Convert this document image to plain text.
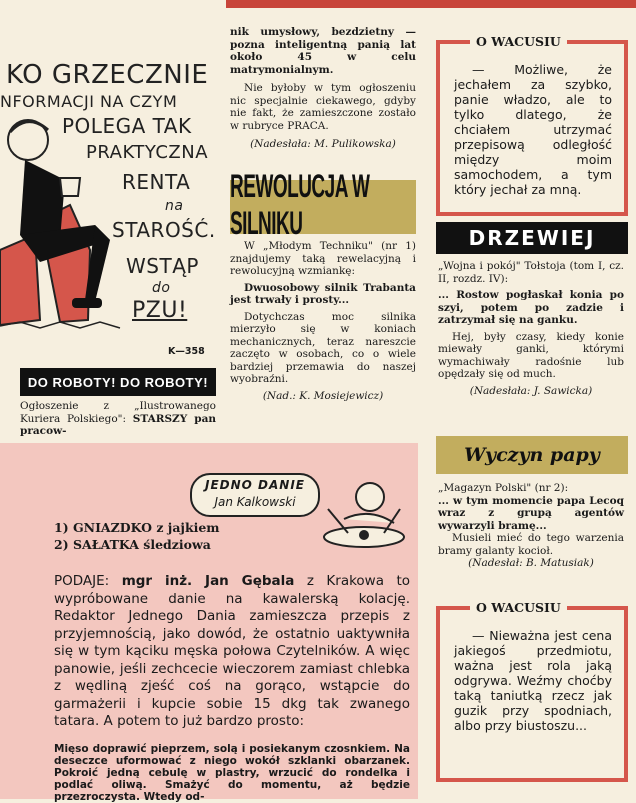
KO GRZECZNIE
NFORMACJI NA CZYM
POLEGA TAK
PRAKTYCZNA
RENTA
na
STAROŚĆ.
WSTĄP
do
PZU!
K—358
DO ROBOTY! DO ROBOTY!
Ogłoszenie z „Ilustrowanego Kuriera Polskiego": STARSZY pan pracow-
nik umysłowy, bezdzietny — pozna inteligentną panią lat około 45 w celu matrymonialnym.
Nie byłoby w tym ogłoszeniu nic specjalnie ciekawego, gdyby nie fakt, że zamieszczone zostało w rubryce PRACA.
(Nadesłała: M. Pulikowska)
REWOLUCJA W SILNIKU
W „Młodym Techniku" (nr 1) znajdujemy taką rewelacyjną i rewolucyjną wzmiankę:
Dwuosobowy silnik Trabanta jest trwały i prosty...
Dotychczas moc silnika mierzyło się w koniach mechanicznych, teraz nareszcie zaczęto w osobach, co o wiele bardziej przemawia do naszej wyobraźni.
(Nad.: K. Mosiejewicz)
— Możliwe, że jechałem za szybko, panie władzo, ale to tylko dlatego, że chciałem utrzymać przepisową odległość między moim samochodem, a tym który jechał za mną.
O WACUSIU
DRZEWIEJ
„Wojna i pokój" Tołstoja (tom I, cz. II, rozdz. IV):
... Rostow pogłaskał konia po szyi, potem po zadzie i zatrzymał się na ganku.
Hej, były czasy, kiedy konie miewały ganki, którymi wymachiwały radośnie lub opędzały się od much.
(Nadesłała: J. Sawicka)
Wyczyn papy
„Magazyn Polski" (nr 2):
... w tym momencie papa Lecoq wraz z grupą agentów wywarzyli bramę...
Musieli mieć do tego warzenia bramy galanty kocioł.
(Nadesłał: B. Matusiak)
— Nieważna jest cena jakiegoś przedmiotu, ważna jest rola jaką odgrywa. Weźmy choćby taką taniutką rzecz jak guzik przy spodniach, albo przy biustoszu...
O WACUSIU
JEDNO DANIE
Jan Kalkowski
1) GNIAZDKO z jajkiem
2) SAŁATKA śledziowa
PODAJE: mgr inż. Jan Gębala z Krakowa to wypróbowane danie na kawalerską kolację. Redaktor Jednego Dania zamieszcza przepis z przyjemnością, jako dowód, że ostatnio uaktywniła się w tym kąciku męska połowa Czytelników. A więc panowie, jeśli zechcecie wieczorem zamiast chlebka z wędliną zjeść coś na gorąco, wstąpcie do garmażerii i kupcie sobie 15 dkg tak zwanego tatara. A potem to już bardzo prosto:
Mięso doprawić pieprzem, solą i posiekanym czosnkiem. Na deseczce uformować z niego wokół szklanki obarzanek. Pokroić jedną cebulę w plastry, wrzucić do rondelka i podlać oliwą. Smażyć do momentu, aż będzie przezroczysta. Wtedy od-
